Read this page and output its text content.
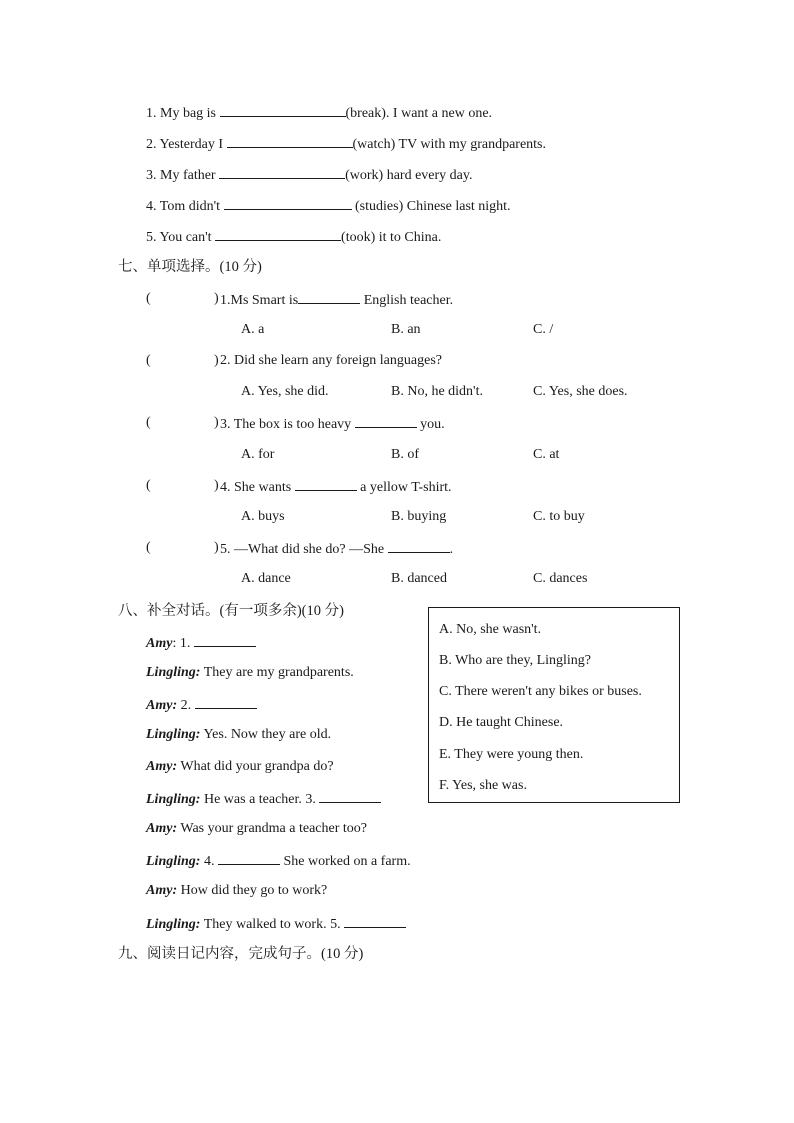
1. My bag is	(break). I want a new one.
2. Yesterday I	(watch) TV with my grandparents.
3. My father	(work) hard every day.
4. Tom didn't	(studies) Chinese last night.
5. You can't	(took) it to China.
七、单项选择。(10 分)
(	) 1.Ms Smart is	English teacher.
A. a	B. an	C. /
(	) 2. Did she learn any foreign languages?
A. Yes, she did.	B. No, he didn't.	C. Yes, she does.
(	) 3. The box is too heavy	you.
A. for	B. of	C. at
(	) 4. She wants	a yellow T-shirt.
A. buys	B. buying	C. to buy
(	) 5. —What did she do? —She	.
A. dance	B. danced	C. dances
八、补全对话。(有一项多余)(10 分)
Amy: 1.
Lingling: They are my grandparents.
Amy: 2.
Lingling: Yes. Now they are old.
Amy: What did your grandpa do?
Lingling: He was a teacher. 3.
Amy: Was your grandma a teacher too?
Lingling: 4.	She worked on a farm.
Amy: How did they go to work?
Lingling: They walked to work. 5.
A. No, she wasn't.
B. Who are they, Lingling?
C. There weren't any bikes or buses.
D. He taught Chinese.
E. They were young then.
F. Yes, she was.
九、阅读日记内容，完成句子。(10 分)
